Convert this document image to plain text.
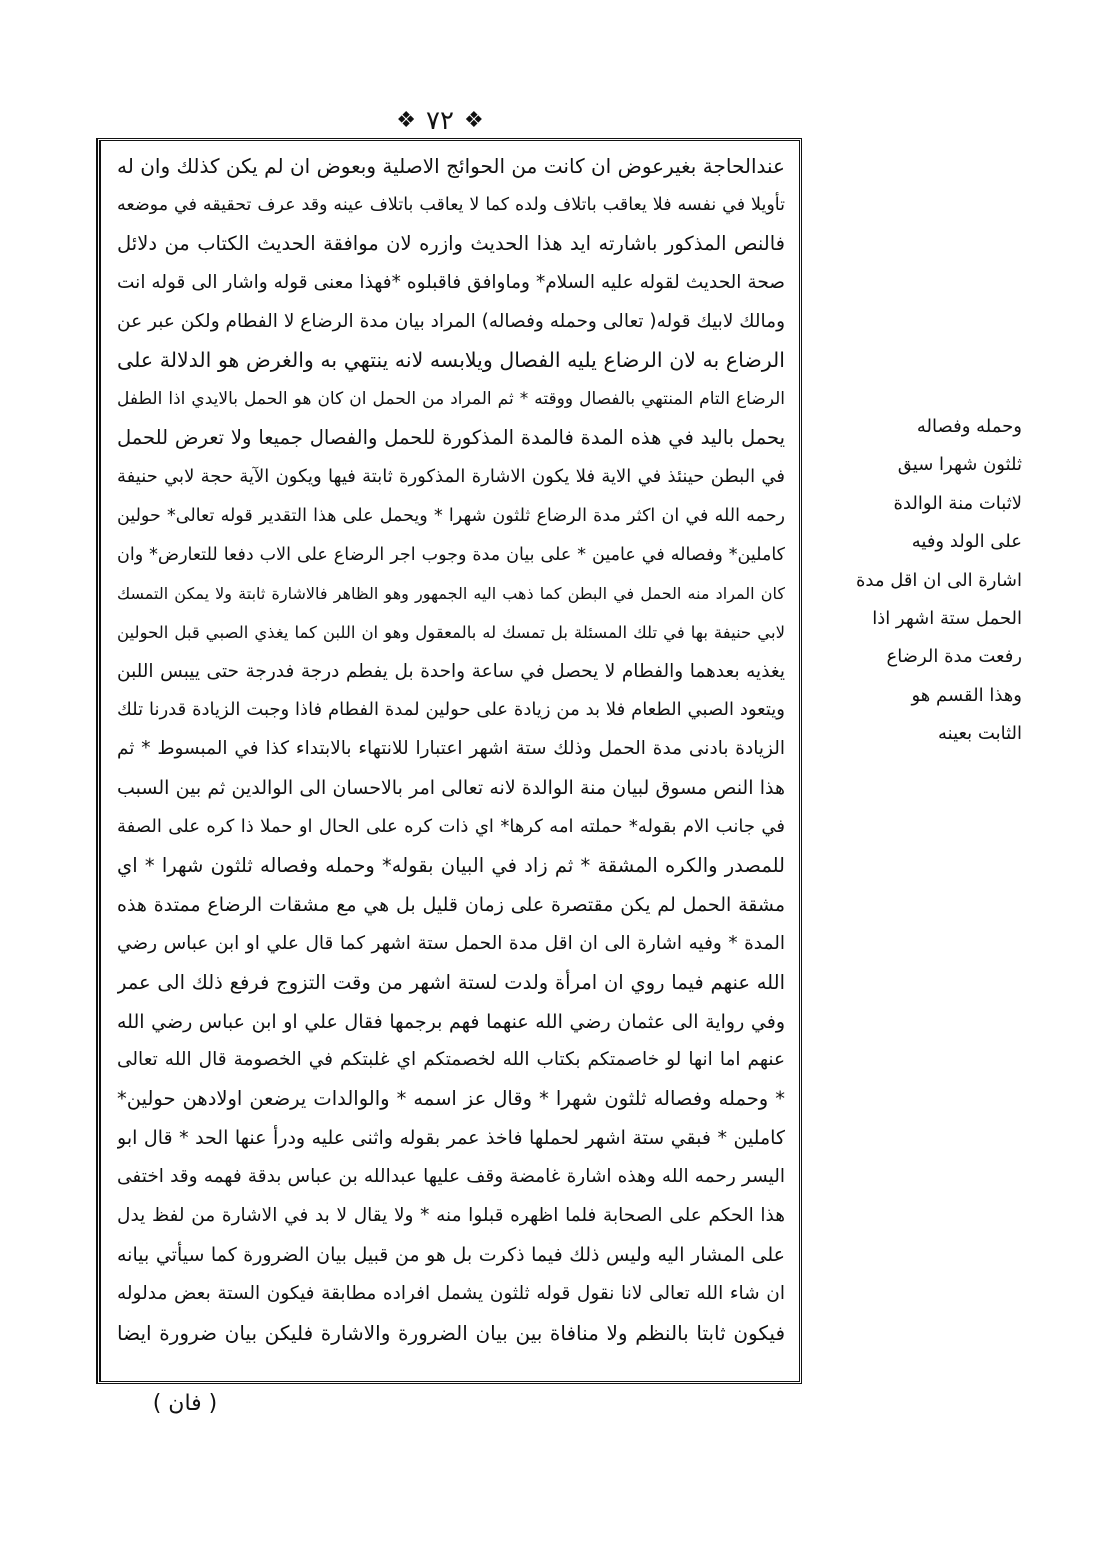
❖ ٧٢ ❖
عندالحاجة بغيرعوض ان كانت من الحوائج الاصلية وبعوض ان لم يكن كذلك وان له
تأويلا في نفسه فلا يعاقب باتلاف ولده كما لا يعاقب باتلاف عينه وقد عرف تحقيقه في موضعه
فالنص المذكور باشارته ايد هذا الحديث وازره لان موافقة الحديث الكتاب من دلائل
صحة الحديث لقوله عليه السلام* وماوافق فاقبلوه *فهذا معنى قوله واشار الى قوله انت
ومالك لابيك قوله( تعالى وحمله وفصاله) المراد بيان مدة الرضاع لا الفطام ولكن عبر عن
الرضاع به لان الرضاع يليه الفصال ويلابسه لانه ينتهي به والغرض هو الدلالة على
الرضاع التام المنتهي بالفصال ووقته * ثم المراد من الحمل ان كان هو الحمل بالايدي اذا الطفل
يحمل باليد في هذه المدة فالمدة المذكورة للحمل والفصال جميعا ولا تعرض للحمل
في البطن حينئذ في الاية فلا يكون الاشارة المذكورة ثابتة فيها ويكون الآية حجة لابي حنيفة
رحمه الله في ان اكثر مدة الرضاع ثلثون شهرا * ويحمل على هذا التقدير قوله تعالى* حولين
كاملين* وفصاله في عامين * على بيان مدة وجوب اجر الرضاع على الاب دفعا للتعارض* وان
كان المراد منه الحمل في البطن كما ذهب اليه الجمهور وهو الظاهر فالاشارة ثابتة ولا يمكن التمسك
لابي حنيفة بها في تلك المسئلة بل تمسك له بالمعقول وهو ان اللبن كما يغذي الصبي قبل الحولين
يغذيه بعدهما والفطام لا يحصل في ساعة واحدة بل يفطم درجة فدرجة حتى ييبس اللبن
ويتعود الصبي الطعام فلا بد من زيادة على حولين لمدة الفطام فاذا وجبت الزيادة قدرنا تلك
الزيادة بادنى مدة الحمل وذلك ستة اشهر اعتبارا للانتهاء بالابتداء كذا في المبسوط * ثم
هذا النص مسوق لبيان منة الوالدة لانه تعالى امر بالاحسان الى الوالدين ثم بين السبب
في جانب الام بقوله* حملته امه كرها* اي ذات كره على الحال او حملا ذا كره على الصفة
للمصدر والكره المشقة * ثم زاد في البيان بقوله* وحمله وفصاله ثلثون شهرا * اي
مشقة الحمل لم يكن مقتصرة على زمان قليل بل هي مع مشقات الرضاع ممتدة هذه
المدة * وفيه اشارة الى ان اقل مدة الحمل ستة اشهر كما قال علي او ابن عباس رضي
الله عنهم فيما روي ان امرأة ولدت لستة اشهر من وقت التزوج فرفع ذلك الى عمر
وفي رواية الى عثمان رضي الله عنهما فهم برجمها فقال علي او ابن عباس رضي الله
عنهم اما انها لو خاصمتكم بكتاب الله لخصمتكم اي غلبتكم في الخصومة قال الله تعالى
* وحمله وفصاله ثلثون شهرا * وقال عز اسمه * والوالدات يرضعن اولادهن حولين*
كاملين * فبقي ستة اشهر لحملها فاخذ عمر بقوله واثنى عليه ودرأ عنها الحد * قال ابو
اليسر رحمه الله وهذه اشارة غامضة وقف عليها عبدالله بن عباس بدقة فهمه وقد اختفى
هذا الحكم على الصحابة فلما اظهره قبلوا منه * ولا يقال لا بد في الاشارة من لفظ يدل
على المشار اليه وليس ذلك فيما ذكرت بل هو من قبيل بيان الضرورة كما سيأتي بيانه
ان شاء الله تعالى لانا نقول قوله ثلثون يشمل افراده مطابقة فيكون الستة بعض مدلوله
فيكون ثابتا بالنظم ولا منافاة بين بيان الضرورة والاشارة فليكن بيان ضرورة ايضا
وحمله وفصاله
ثلثون شهرا سيق
لاثبات منة الوالدة
على الولد وفيه
اشارة الى ان اقل مدة
الحمل ستة اشهر اذا
رفعت مدة الرضاع
وهذا القسم هو
الثابت بعينه
( فان )
